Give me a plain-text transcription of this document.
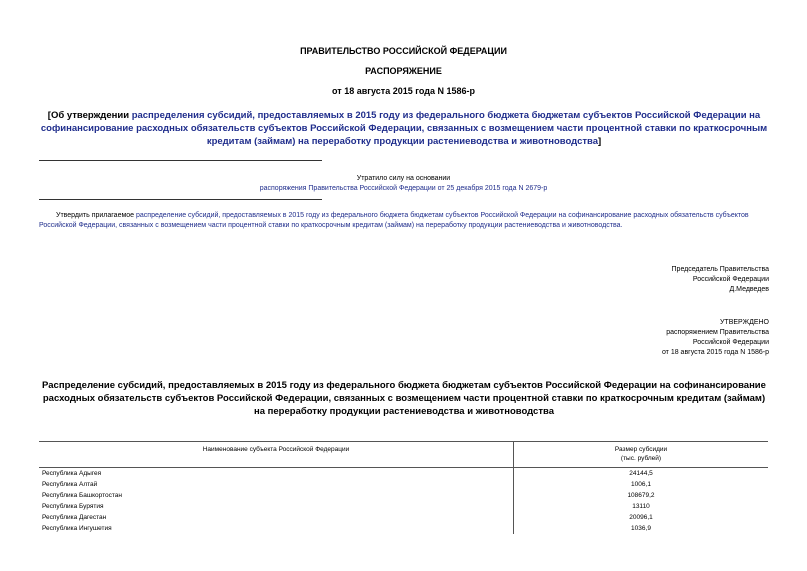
ПРАВИТЕЛЬСТВО РОССИЙСКОЙ ФЕДЕРАЦИИ
РАСПОРЯЖЕНИЕ
от 18 августа 2015 года N 1586-р
[Об утверждении распределения субсидий, предоставляемых в 2015 году из федерального бюджета бюджетам субъектов Российской Федерации на софинансирование расходных обязательств субъектов Российской Федерации, связанных с возмещением части процентной ставки по краткосрочным кредитам (займам) на переработку продукции растениеводства и животноводства]
Утратило силу на основании
распоряжения Правительства Российской Федерации от 25 декабря 2015 года N 2679-р
Утвердить прилагаемое распределение субсидий, предоставляемых в 2015 году из федерального бюджета бюджетам субъектов Российской Федерации на софинансирование расходных обязательств субъектов Российской Федерации, связанных с возмещением части процентной ставки по краткосрочным кредитам (займам) на переработку продукции растениеводства и животноводства.
Председатель Правительства
Российской Федерации
Д.Медведев
УТВЕРЖДЕНО
распоряжением Правительства
Российской Федерации
от 18 августа 2015 года N 1586-р
Распределение субсидий, предоставляемых в 2015 году из федерального бюджета бюджетам субъектов Российской Федерации на софинансирование расходных обязательств субъектов Российской Федерации, связанных с возмещением части процентной ставки по краткосрочным кредитам (займам) на переработку продукции растениеводства и животноводства
Наименование субъекта Российской Федерации	Размер субсидии
(тыс. рублей)

Республика Адыгея	24144,5
Республика Алтай	1006,1
Республика Башкортостан	108679,2
Республика Бурятия	13110
Республика Дагестан	20096,1
Республика Ингушетия	1036,9
